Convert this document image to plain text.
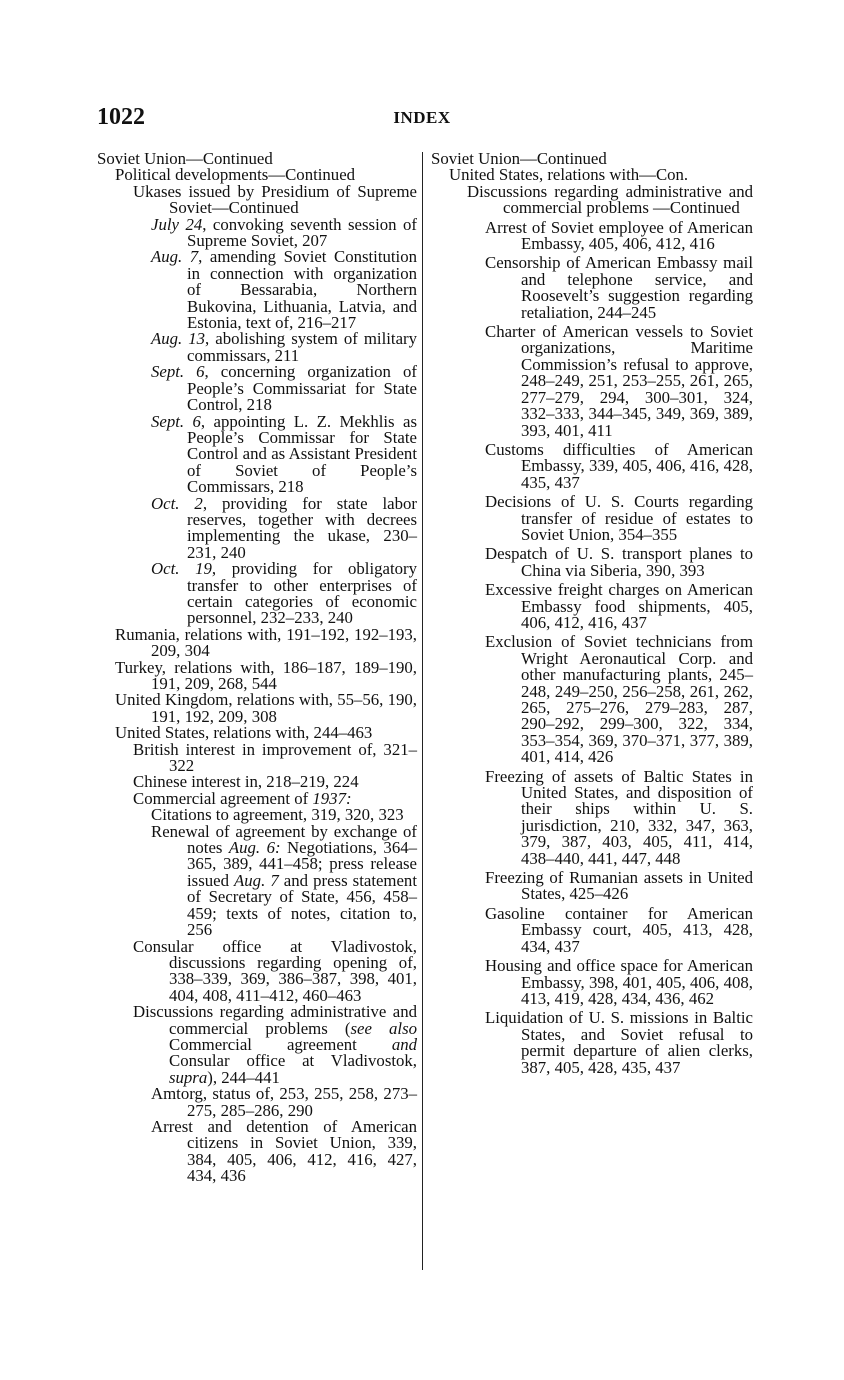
1022	INDEX
Soviet Union—Continued
Political developments—Continued
Ukases issued by Presidium of Supreme Soviet—Continued
July 24, convoking seventh session of Supreme Soviet, 207
Aug. 7, amending Soviet Constitution in connection with organization of Bessarabia, Northern Bukovina, Lithuania, Latvia, and Estonia, text of, 216–217
Aug. 13, abolishing system of military commissars, 211
Sept. 6, concerning organization of People’s Commissariat for State Control, 218
Sept. 6, appointing L. Z. Mekhlis as People’s Commissar for State Control and as Assistant President of Soviet of People’s Commissars, 218
Oct. 2, providing for state labor reserves, together with decrees implementing the ukase, 230–231, 240
Oct. 19, providing for obligatory transfer to other enterprises of certain categories of economic personnel, 232–233, 240
Rumania, relations with, 191–192, 192–193, 209, 304
Turkey, relations with, 186–187, 189–190, 191, 209, 268, 544
United Kingdom, relations with, 55–56, 190, 191, 192, 209, 308
United States, relations with, 244–463
British interest in improvement of, 321–322
Chinese interest in, 218–219, 224
Commercial agreement of 1937:
Citations to agreement, 319, 320, 323
Renewal of agreement by exchange of notes Aug. 6: Negotiations, 364–365, 389, 441–458; press release issued Aug. 7 and press statement of Secretary of State, 456, 458–459; texts of notes, citation to, 256
Consular office at Vladivostok, discussions regarding opening of, 338–339, 369, 386–387, 398, 401, 404, 408, 411–412, 460–463
Discussions regarding administrative and commercial problems (see also Commercial agreement and Consular office at Vladivostok, supra), 244–441
Amtorg, status of, 253, 255, 258, 273–275, 285–286, 290
Arrest and detention of American citizens in Soviet Union, 339, 384, 405, 406, 412, 416, 427, 434, 436
Soviet Union—Continued
United States, relations with—Con.
Discussions regarding administrative and commercial problems —Continued
Arrest of Soviet employee of American Embassy, 405, 406, 412, 416
Censorship of American Embassy mail and telephone service, and Roosevelt’s suggestion regarding retaliation, 244–245
Charter of American vessels to Soviet organizations, Maritime Commission’s refusal to approve, 248–249, 251, 253–255, 261, 265, 277–279, 294, 300–301, 324, 332–333, 344–345, 349, 369, 389, 393, 401, 411
Customs difficulties of American Embassy, 339, 405, 406, 416, 428, 435, 437
Decisions of U. S. Courts regarding transfer of residue of estates to Soviet Union, 354–355
Despatch of U. S. transport planes to China via Siberia, 390, 393
Excessive freight charges on American Embassy food shipments, 405, 406, 412, 416, 437
Exclusion of Soviet technicians from Wright Aeronautical Corp. and other manufacturing plants, 245–248, 249–250, 256–258, 261, 262, 265, 275–276, 279–283, 287, 290–292, 299–300, 322, 334, 353–354, 369, 370–371, 377, 389, 401, 414, 426
Freezing of assets of Baltic States in United States, and disposition of their ships within U. S. jurisdiction, 210, 332, 347, 363, 379, 387, 403, 405, 411, 414, 438–440, 441, 447, 448
Freezing of Rumanian assets in United States, 425–426
Gasoline container for American Embassy court, 405, 413, 428, 434, 437
Housing and office space for American Embassy, 398, 401, 405, 406, 408, 413, 419, 428, 434, 436, 462
Liquidation of U. S. missions in Baltic States, and Soviet refusal to permit departure of alien clerks, 387, 405, 428, 435, 437
